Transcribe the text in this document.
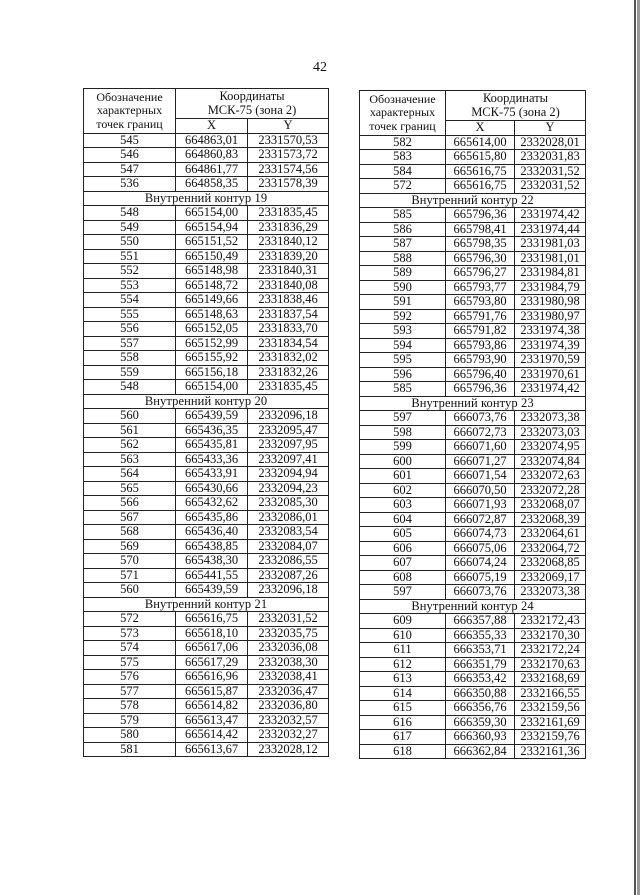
42
Обозначение
характерных
точек границ	Координаты
МСК-75 (зона 2)	
	X	Y
545	664863,01	2331570,53
546	664860,83	2331573,72
547	664861,77	2331574,56
536	664858,35	2331578,39
Внутренний контур 19		
548	665154,00	2331835,45
549	665154,94	2331836,29
550	665151,52	2331840,12
551	665150,49	2331839,20
552	665148,98	2331840,31
553	665148,72	2331840,08
554	665149,66	2331838,46
555	665148,63	2331837,54
556	665152,05	2331833,70
557	665152,99	2331834,54
558	665155,92	2331832,02
559	665156,18	2331832,26
548	665154,00	2331835,45
Внутренний контур 20		
560	665439,59	2332096,18
561	665436,35	2332095,47
562	665435,81	2332097,95
563	665433,36	2332097,41
564	665433,91	2332094,94
565	665430,66	2332094,23
566	665432,62	2332085,30
567	665435,86	2332086,01
568	665436,40	2332083,54
569	665438,85	2332084,07
570	665438,30	2332086,55
571	665441,55	2332087,26
560	665439,59	2332096,18
Внутренний контур 21		
572	665616,75	2332031,52
573	665618,10	2332035,75
574	665617,06	2332036,08
575	665617,29	2332038,30
576	665616,96	2332038,41
577	665615,87	2332036,47
578	665614,82	2332036,80
579	665613,47	2332032,57
580	665614,42	2332032,27
581	665613,67	2332028,12
Обозначение
характерных
точек границ	Координаты
МСК-75 (зона 2)	
	X	Y
582	665614,00	2332028,01
583	665615,80	2332031,83
584	665616,75	2332031,52
572	665616,75	2332031,52
Внутренний контур 22		
585	665796,36	2331974,42
586	665798,41	2331974,44
587	665798,35	2331981,03
588	665796,30	2331981,01
589	665796,27	2331984,81
590	665793,77	2331984,79
591	665793,80	2331980,98
592	665791,76	2331980,97
593	665791,82	2331974,38
594	665793,86	2331974,39
595	665793,90	2331970,59
596	665796,40	2331970,61
585	665796,36	2331974,42
Внутренний контур 23		
597	666073,76	2332073,38
598	666072,73	2332073,03
599	666071,60	2332074,95
600	666071,27	2332074,84
601	666071,54	2332072,63
602	666070,50	2332072,28
603	666071,93	2332068,07
604	666072,87	2332068,39
605	666074,73	2332064,61
606	666075,06	2332064,72
607	666074,24	2332068,85
608	666075,19	2332069,17
597	666073,76	2332073,38
Внутренний контур 24		
609	666357,88	2332172,43
610	666355,33	2332170,30
611	666353,71	2332172,24
612	666351,79	2332170,63
613	666353,42	2332168,69
614	666350,88	2332166,55
615	666356,76	2332159,56
616	666359,30	2332161,69
617	666360,93	2332159,76
618	666362,84	2332161,36
